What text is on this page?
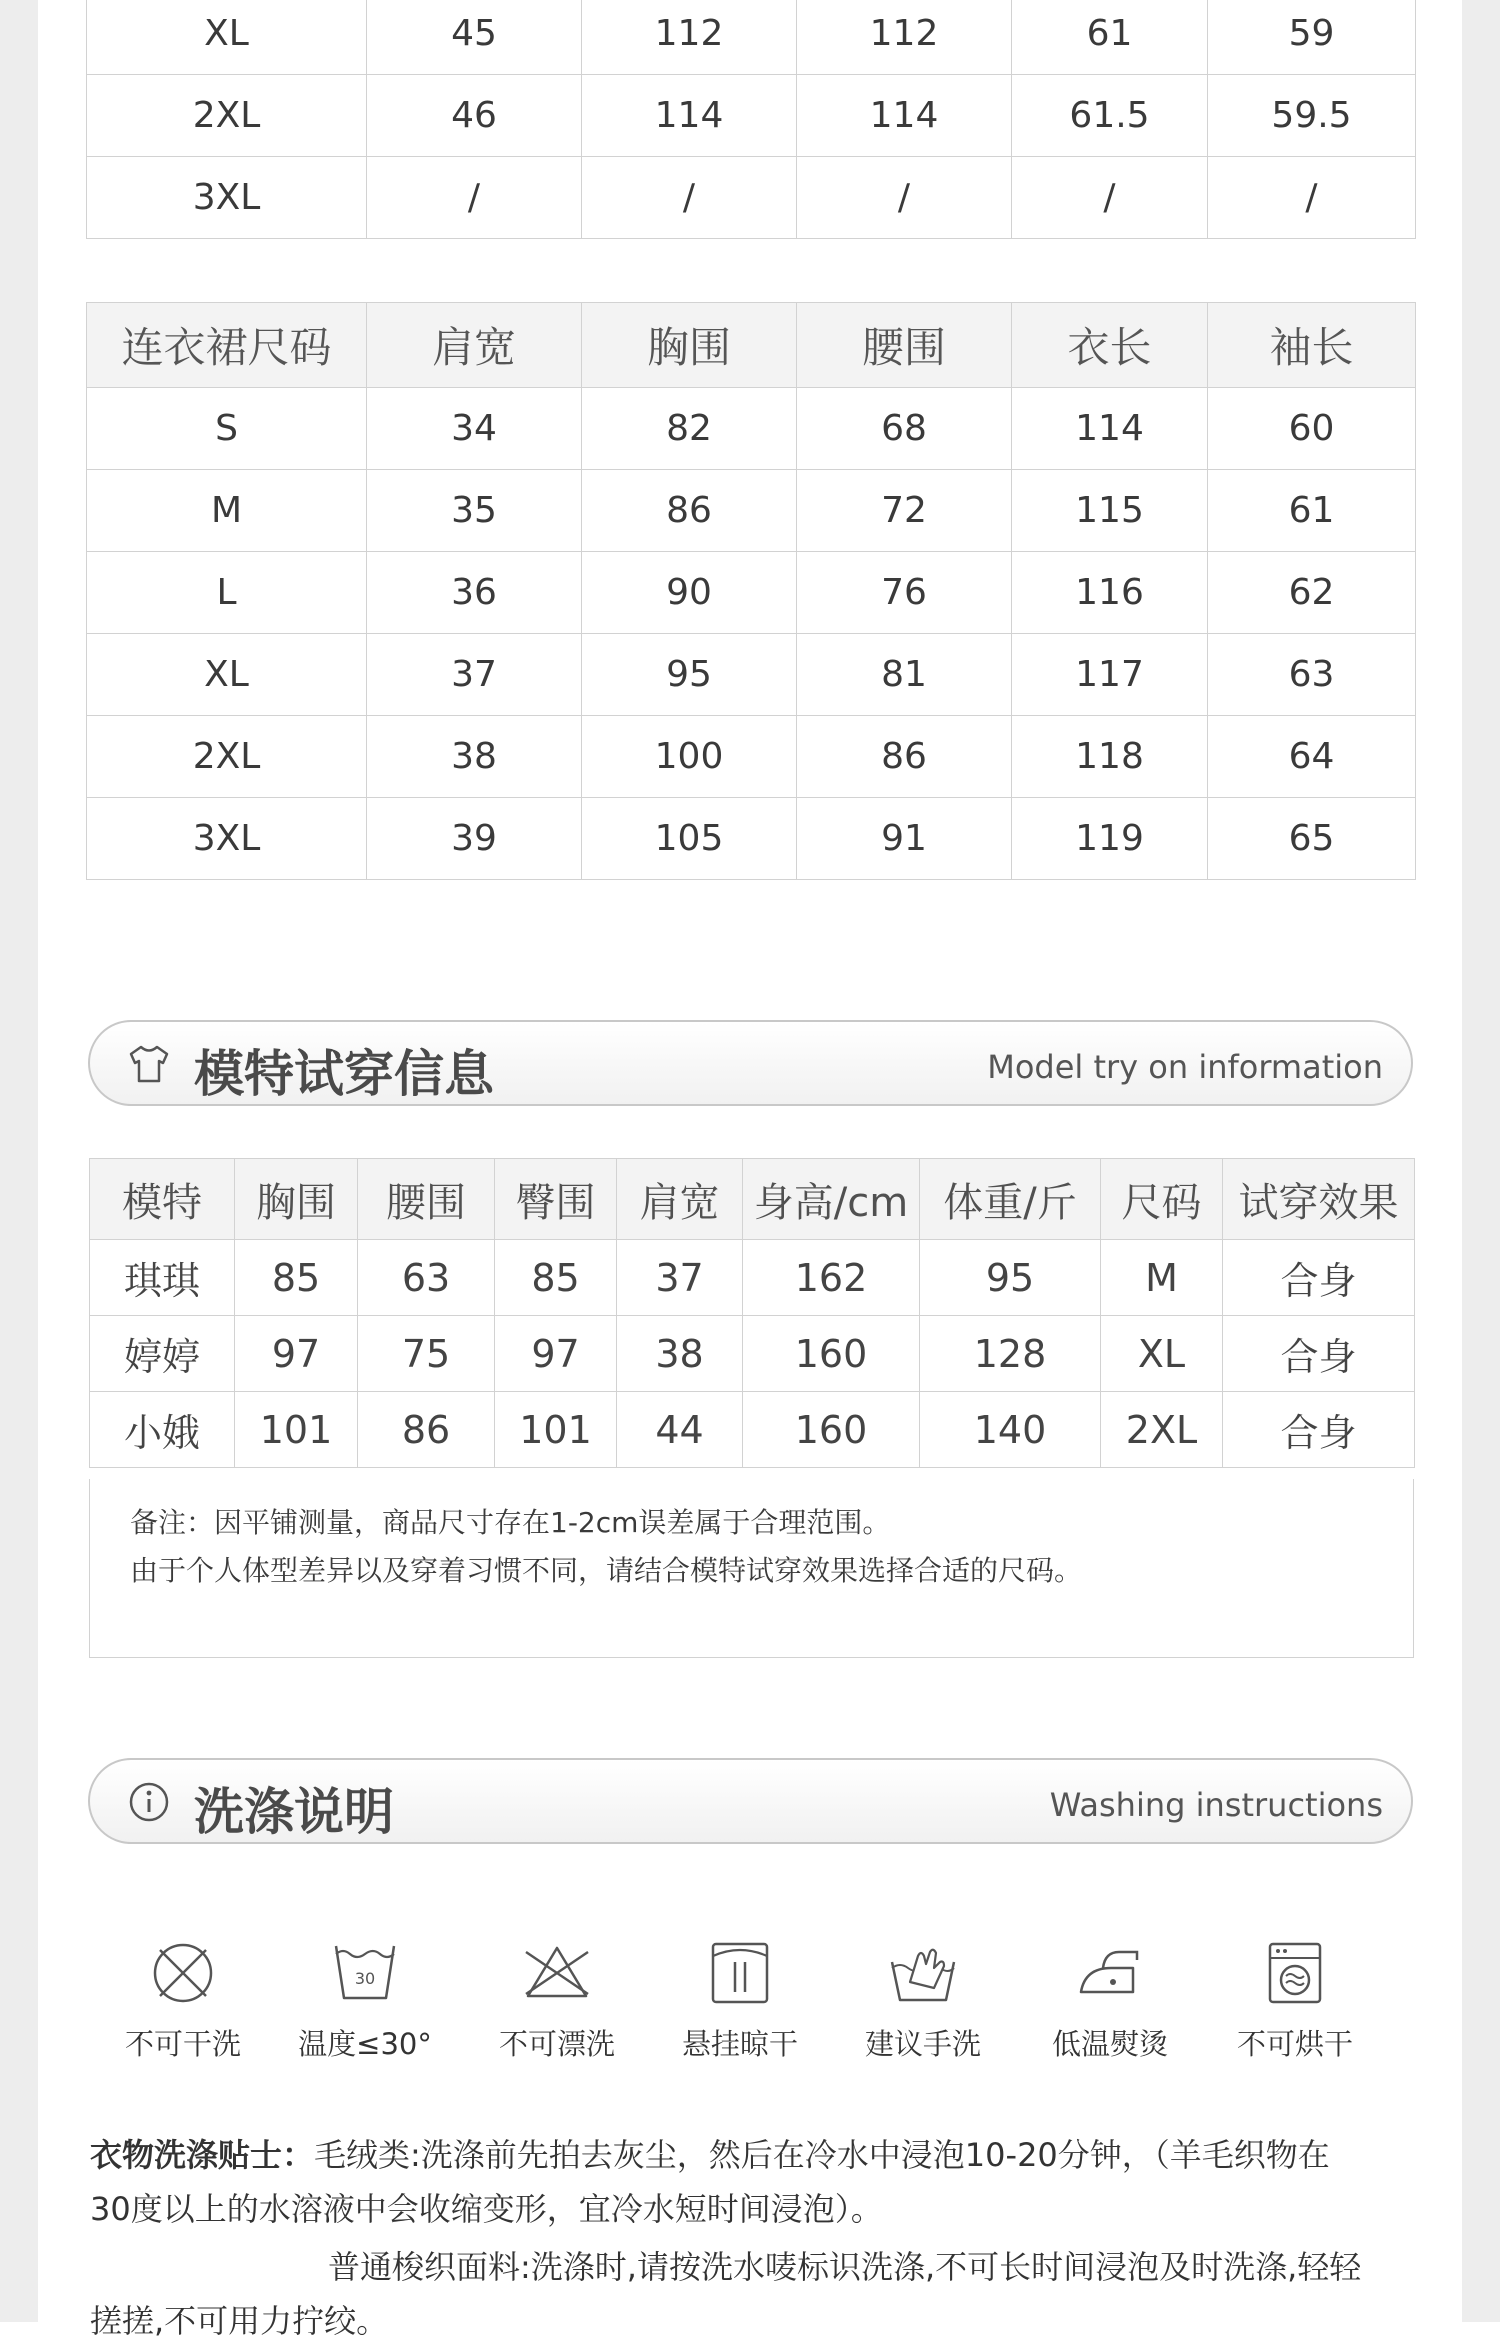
XL	45	112	112	61	59
2XL	46	114	114	61.5	59.5
3XL	/	/	/	/	/
连衣裙尺码	肩宽	胸围	腰围	衣长	袖长
S	34	82	68	114	60
M	35	86	72	115	61
L	36	90	76	116	62
XL	37	95	81	117	63
2XL	38	100	86	118	64
3XL	39	105	91	119	65
模特试穿信息	Model try on information
模特	胸围	腰围	臀围	肩宽	身高/cm	体重/斤	尺码	试穿效果
琪琪	85	63	85	37	162	95	M	合身
婷婷	97	75	97	38	160	128	XL	合身
小娥	101	86	101	44	160	140	2XL	合身
备注：因平铺测量，商品尺寸存在1-2cm误差属于合理范围。
由于个人体型差异以及穿着习惯不同，请结合模特试穿效果选择合适的尺码。
洗涤说明	Washing instructions
不可干洗
30
温度≤30°	不可漂洗	悬挂晾干	建议手洗	低温熨烫	不可烘干
衣物洗涤贴士：毛绒类:洗涤前先拍去灰尘，然后在冷水中浸泡10-20分钟，（羊毛织物在
30度以上的水溶液中会收缩变形，宜冷水短时间浸泡）。
普通梭织面料:洗涤时,请按洗水唛标识洗涤,不可长时间浸泡及时洗涤,轻轻
搓搓,不可用力拧绞。
